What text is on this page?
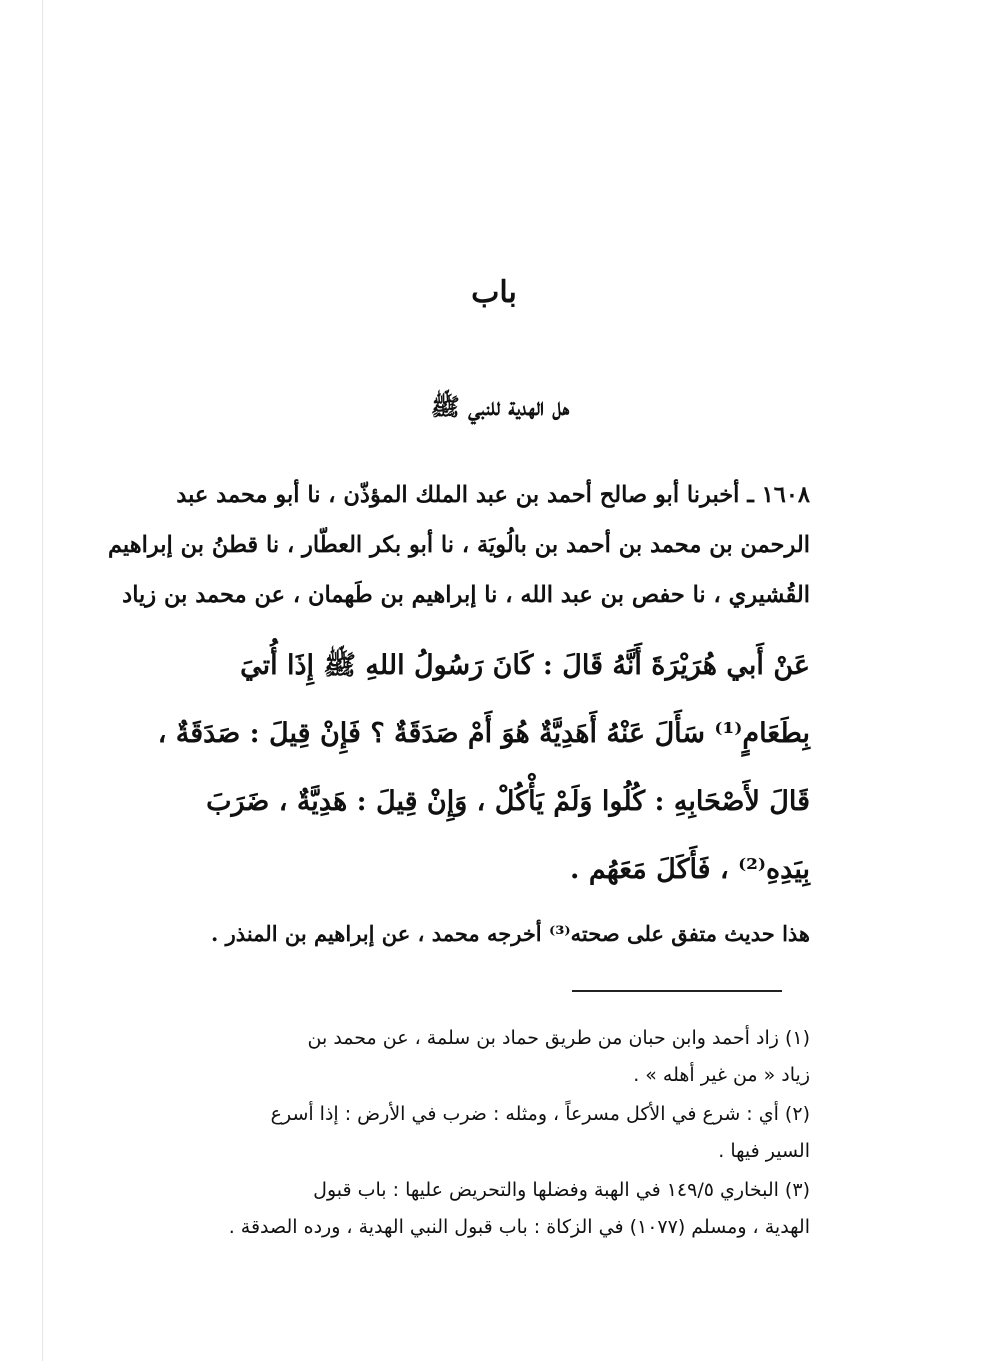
باب
هل الهدية للنبي ﷺ
١٦٠٨ ـ أخبرنا أبو صالح أحمد بن عبد الملك المؤذّن ، نا أبو محمد عبد
الرحمن بن محمد بن أحمد بن بالُويَة ، نا أبو بكر العطّار ، نا قطنُ بن إبراهيم
القُشيري ، نا حفص بن عبد الله ، نا إبراهيم بن طَهمان ، عن محمد بن زياد
عَنْ أَبي هُرَيْرَةَ أَنَّهُ قَالَ : كَانَ رَسُولُ اللهِ ﷺ إِذَا أُتيَ
بِطَعَامٍ⁽¹⁾ سَأَلَ عَنْهُ أَهَدِيَّةٌ هُوَ أَمْ صَدَقَةٌ ؟ فَإِنْ قِيلَ : صَدَقَةٌ ،
قَالَ لأَصْحَابِهِ : كُلُوا وَلَمْ يَأْكُلْ ، وَإِنْ قِيلَ : هَدِيَّةٌ ، ضَرَبَ
بِيَدِهِ⁽²⁾ ، فَأَكَلَ مَعَهُم .
هذا حديث متفق على صحته⁽³⁾ أخرجه محمد ، عن إبراهيم بن المنذر .
(١) زاد أحمد وابن حبان من طريق حماد بن سلمة ، عن محمد بن
زياد « من غير أهله » .
(٢) أي : شرع في الأكل مسرعاً ، ومثله : ضرب في الأرض : إذا أسرع
السير فيها .
(٣) البخاري ١٤٩/٥ في الهبة وفضلها والتحريض عليها : باب قبول
الهدية ، ومسلم (١٠٧٧) في الزكاة : باب قبول النبي الهدية ، ورده الصدقة .
